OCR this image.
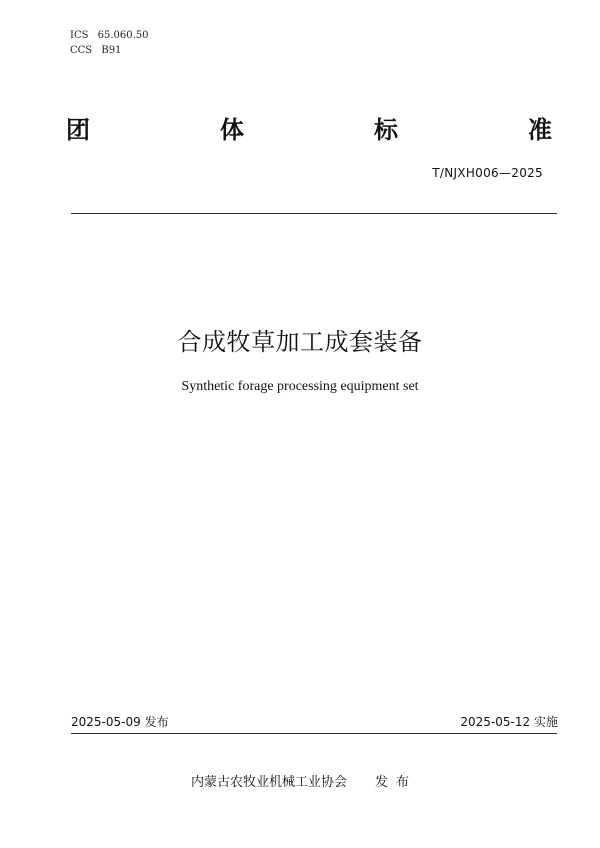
ICS 65.060.50
CCS B91
团	体	标	准
T/NJXH006—2025
合成牧草加工成套装备
Synthetic forage processing equipment set
2025-05-09 发布	2025-05-12 实施
内蒙古农牧业机械工业协会 发 布
